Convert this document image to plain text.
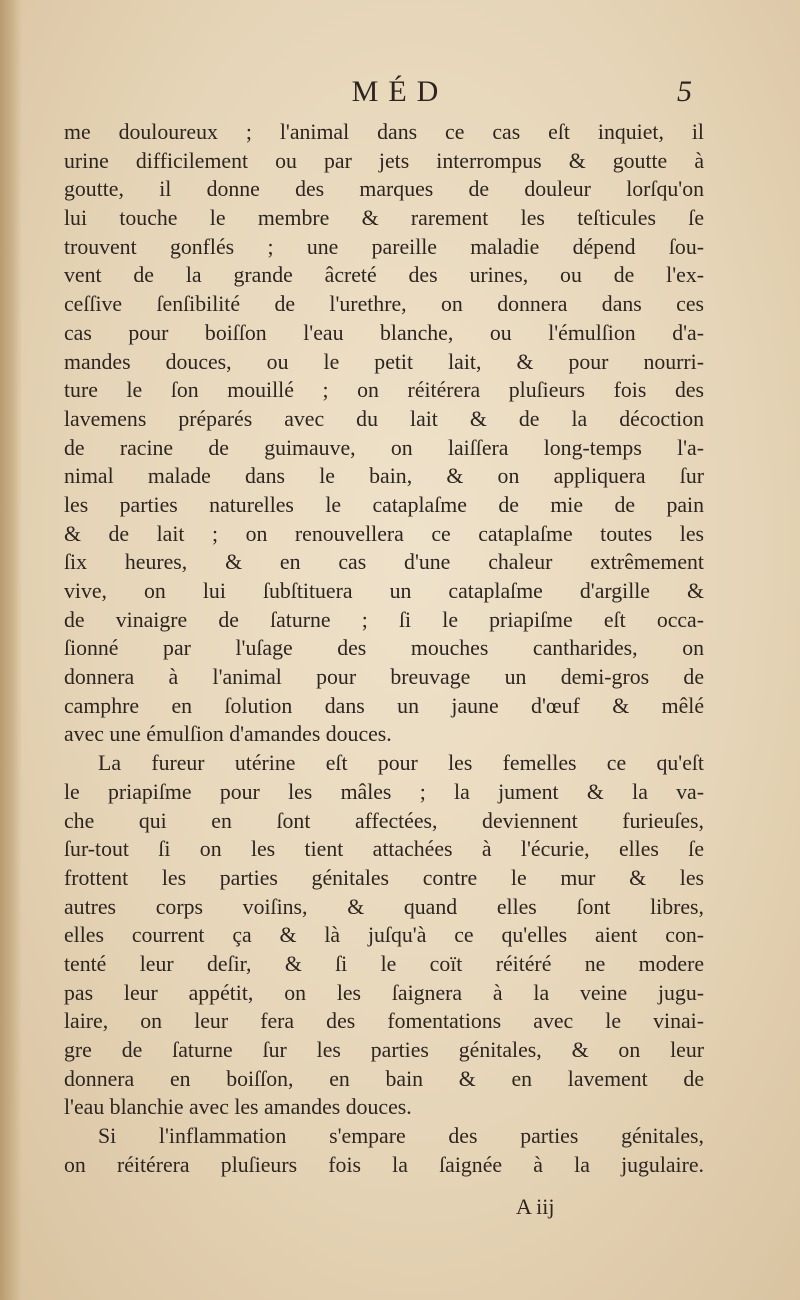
MÉD	5
me douloureux ; l'animal dans ce cas eſt inquiet, il
urine difficilement ou par jets interrompus & goutte à
goutte, il donne des marques de douleur lorſqu'on
lui touche le membre & rarement les teſticules ſe
trouvent gonflés ; une pareille maladie dépend ſou-
vent de la grande âcreté des urines, ou de l'ex-
ceſſive ſenſibilité de l'urethre, on donnera dans ces
cas pour boiſſon l'eau blanche, ou l'émulſion d'a-
mandes douces, ou le petit lait, & pour nourri-
ture le ſon mouillé ; on réitérera pluſieurs fois des
lavemens préparés avec du lait & de la décoction
de racine de guimauve, on laiſſera long-temps l'a-
nimal malade dans le bain, & on appliquera ſur
les parties naturelles le cataplaſme de mie de pain
& de lait ; on renouvellera ce cataplaſme toutes les
ſix heures, & en cas d'une chaleur extrêmement
vive, on lui ſubſtituera un cataplaſme d'argille &
de vinaigre de ſaturne ; ſi le priapiſme eſt occa-
ſionné par l'uſage des mouches cantharides, on
donnera à l'animal pour breuvage un demi-gros de
camphre en ſolution dans un jaune d'œuf & mêlé
avec une émulſion d'amandes douces.
La fureur utérine eſt pour les femelles ce qu'eſt
le priapiſme pour les mâles ; la jument & la va-
che qui en ſont affectées, deviennent furieuſes,
ſur-tout ſi on les tient attachées à l'écurie, elles ſe
frottent les parties génitales contre le mur & les
autres corps voiſins, & quand elles ſont libres,
elles courrent ça & là juſqu'à ce qu'elles aient con-
tenté leur deſir, & ſi le coït réitéré ne modere
pas leur appétit, on les ſaignera à la veine jugu-
laire, on leur fera des fomentations avec le vinai-
gre de ſaturne ſur les parties génitales, & on leur
donnera en boiſſon, en bain & en lavement de
l'eau blanchie avec les amandes douces.
Si l'inflammation s'empare des parties génitales,
on réitérera pluſieurs fois la ſaignée à la jugulaire.
A iij
